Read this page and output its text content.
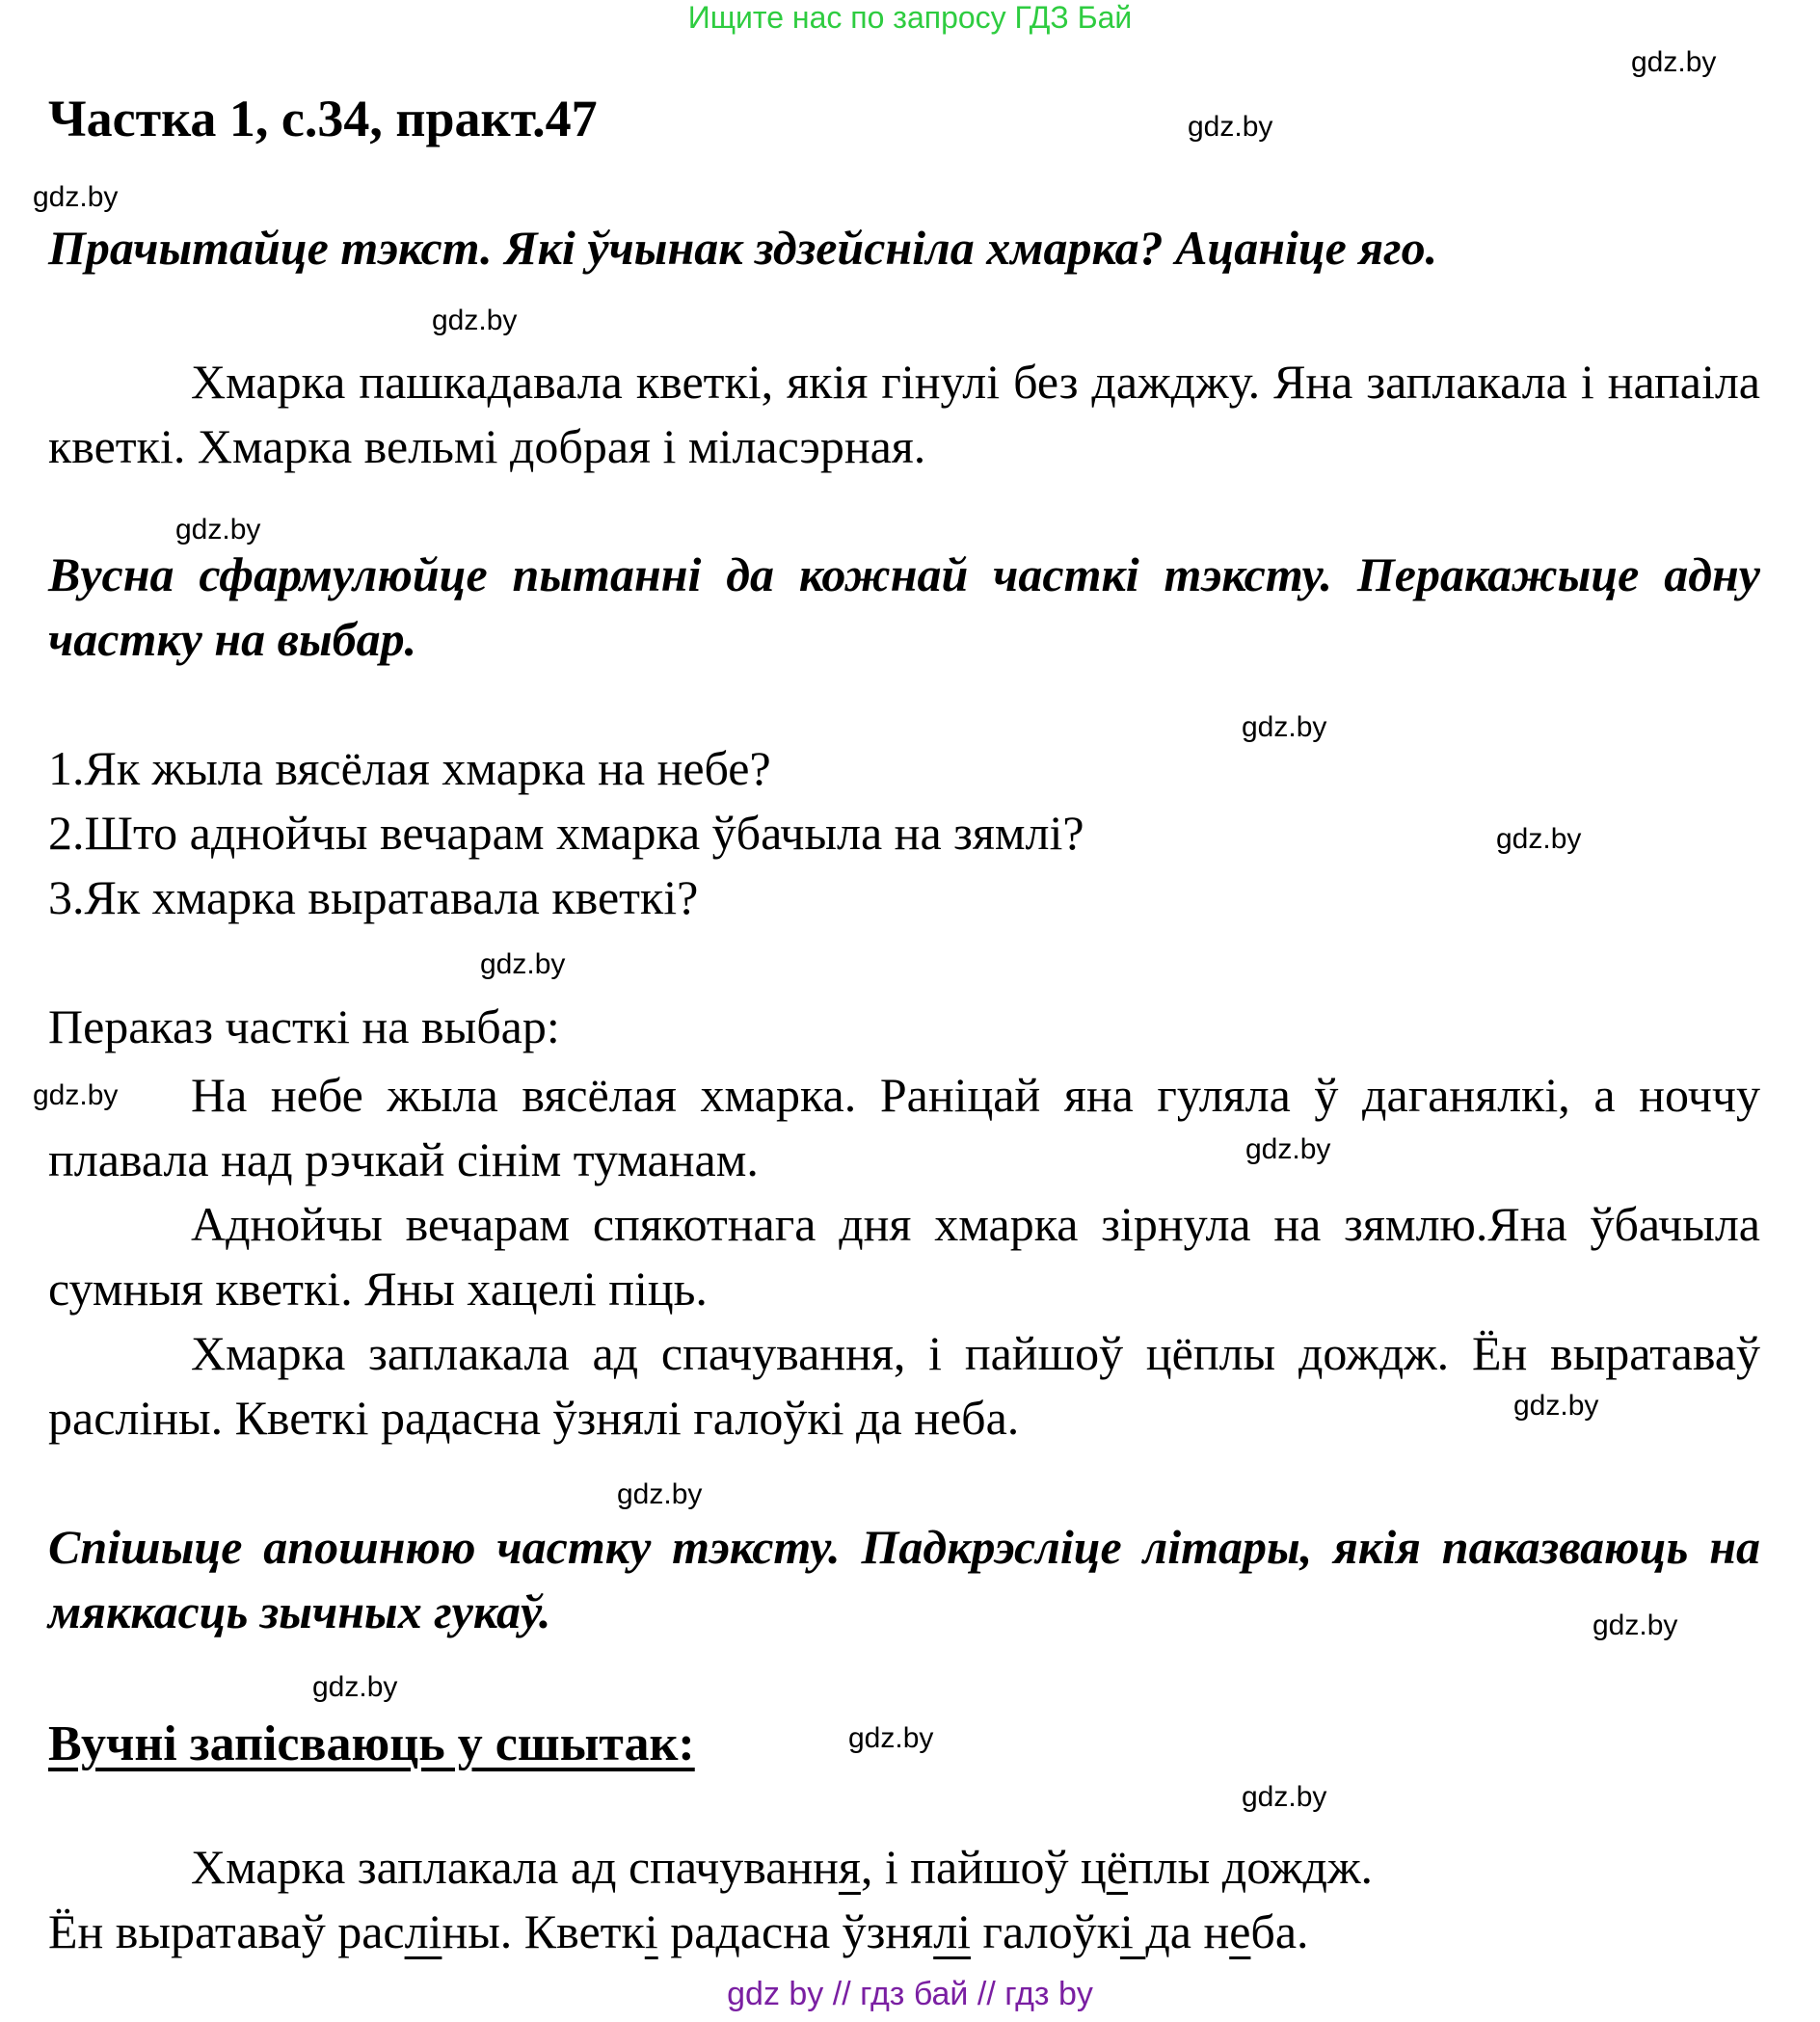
Ищите нас по запросу ГДЗ Бай
gdz by // гдз бай // гдз by
gdz.by
gdz.by
gdz.by
gdz.by
gdz.by
gdz.by
gdz.by
gdz.by
gdz.by
gdz.by
gdz.by
gdz.by
gdz.by
gdz.by
gdz.by
gdz.by
Частка 1, с.34, практ.47
Прачытайце тэкст. Які ўчынак здзейсніла хмарка? Ацаніце яго.
Хмарка пашкадавала кветкі, якія гінулі без дажджу. Яна заплакала і напаіла кветкі. Хмарка вельмі добрая і міласэрная.
Вусна сфармулюйце пытанні да кожнай часткі тэксту. Перакажыце адну частку на выбар.
1.Як жыла вясёлая хмарка на небе?
2.Што аднойчы вечарам хмарка ўбачыла на зямлі?
3.Як хмарка выратавала кветкі?
Пераказ часткі на выбар:
На небе жыла вясёлая хмарка. Раніцай яна гуляла ў даганялкі, а ноччу плавала над рэчкай сінім туманам.
Аднойчы вечарам спякотнага дня хмарка зірнула на зямлю.Яна ўбачыла сумныя кветкі. Яны хацелі піць.
Хмарка заплакала ад спачування, і пайшоў цёплы дождж. Ён выратаваў расліны. Кветкі радасна ўзнялі галоўкі да неба.
Спішыце апошнюю частку тэксту. Падкрэсліце літары, якія паказваюць на мяккасць зычных гукаў.
Вучні запісваюць у сшытак:
Хмарка заплакала ад спачування, і пайшоў цёплы дождж.
Ён выратаваў расліны. Кветкі радасна ўзнялі галоўкі да неба.
